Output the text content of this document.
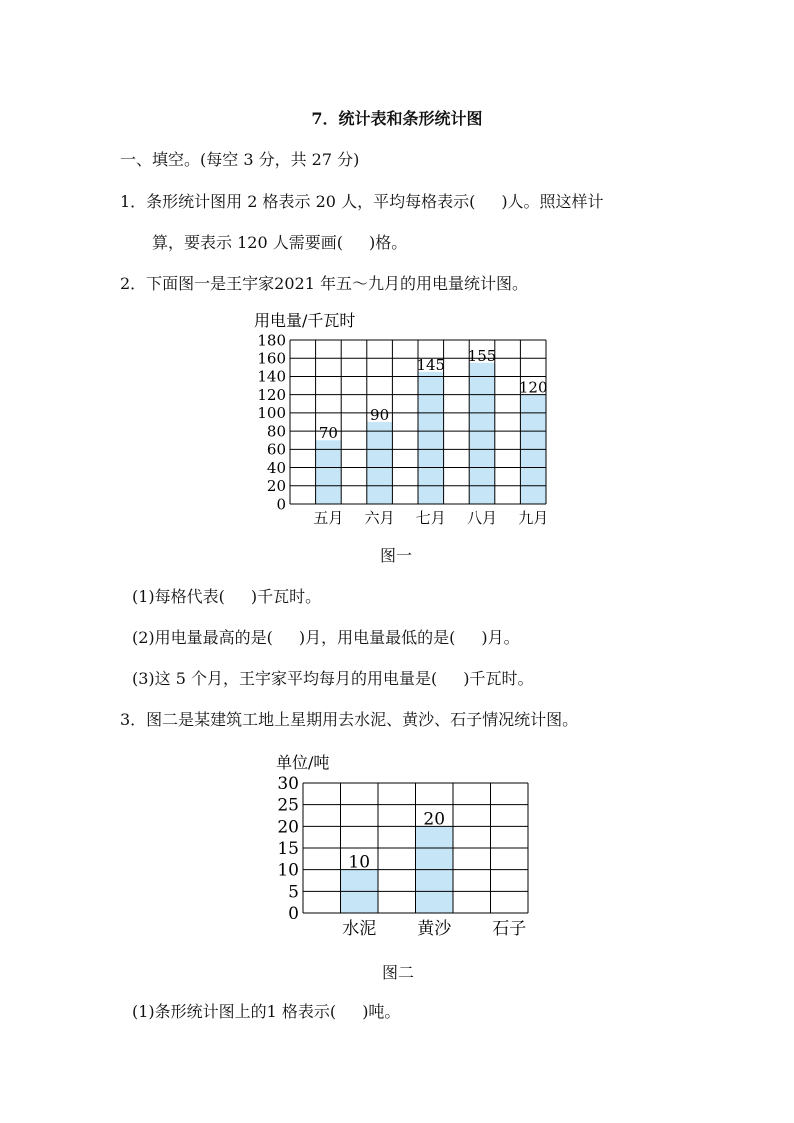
7．统计表和条形统计图
一、填空。(每空 3 分，共 27 分)
1．条形统计图用 2 格表示 20 人，平均每格表示( )人。照这样计
算，要表示 120 人需要画( )格。
2．下面图一是王宇家2021 年五～九月的用电量统计图。
用电量/千瓦时
0
20
40
60
80
100
120
140
160
180
70
90
145
155
120
五月 六月 七月 八月 九月
图一
(1)每格代表( )千瓦时。
(2)用电量最高的是( )月，用电量最低的是( )月。
(3)这 5 个月，王宇家平均每月的用电量是( )千瓦时。
3．图二是某建筑工地上星期用去水泥、黄沙、石子情况统计图。
单位/吨
0
5
10
15
20
25
30
10
20
水泥 黄沙 石子
图二
(1)条形统计图上的1 格表示( )吨。
